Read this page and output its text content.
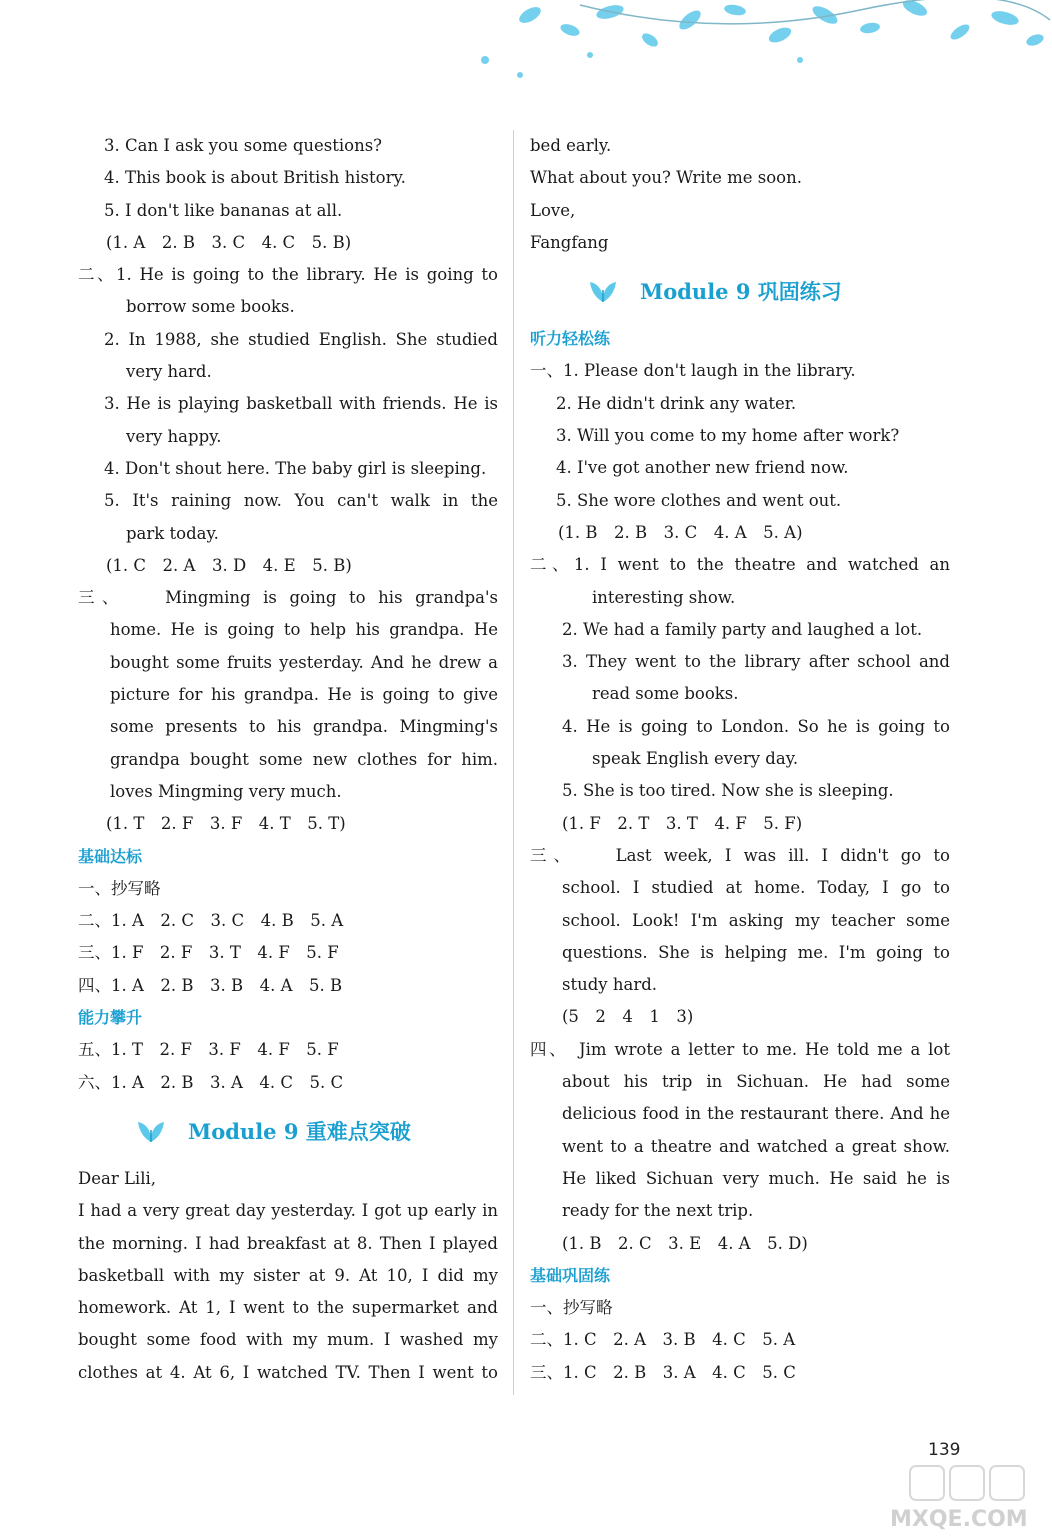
3. Can I ask you some questions?
4. This book is about British history.
5. I don't like bananas at all.
(1. A　2. B　3. C　4. C　5. B)
二、1. He is going to the library. He is going to
borrow some books.
2. In 1988, she studied English. She studied
very hard.
3. He is playing basketball with friends. He is
very happy.
4. Don't shout here. The baby girl is sleeping.
5. It's raining now. You can't walk in the
park today.
(1. C　2. A　3. D　4. E　5. B)
三、　　Mingming is going to his grandpa's
home. He is going to help his grandpa. He
bought some fruits yesterday. And he drew a
picture for his grandpa. He is going to give
some presents to his grandpa. Mingming's
grandpa bought some new clothes for him.
loves Mingming very much.
(1. T　2. F　3. F　4. T　5. T)
基础达标
一、抄写略
二、1. A　2. C　3. C　4. B　5. A
三、1. F　2. F　3. T　4. F　5. F
四、1. A　2. B　3. B　4. A　5. B
能力攀升
五、1. T　2. F　3. F　4. F　5. F
六、1. A　2. B　3. A　4. C　5. C
Module 9 重难点突破
Dear Lili,
I had a very great day yesterday. I got up early in
the morning. I had breakfast at 8. Then I played
basketball with my sister at 9. At 10, I did my
homework. At 1, I went to the supermarket and
bought some food with my mum. I washed my
clothes at 4. At 6, I watched TV. Then I went to
bed early.
What about you? Write me soon.
Love,
Fangfang
Module 9 巩固练习
听力轻松练
一、1. Please don't laugh in the library.
2. He didn't drink any water.
3. Will you come to my home after work?
4. I've got another new friend now.
5. She wore clothes and went out.
(1. B　2. B　3. C　4. A　5. A)
二、1. I went to the theatre and watched an
interesting show.
2. We had a family party and laughed a lot.
3. They went to the library after school and
read some books.
4. He is going to London. So he is going to
speak English every day.
5. She is too tired. Now she is sleeping.
(1. F　2. T　3. T　4. F　5. F)
三、　　Last week, I was ill. I didn't go to
school. I studied at home. Today, I go to
school. Look! I'm asking my teacher some
questions. She is helping me. I'm going to
study hard.
(5　2　4　1　3)
四、　Jim wrote a letter to me. He told me a lot
about his trip in Sichuan. He had some
delicious food in the restaurant there. And he
went to a theatre and watched a great show.
He liked Sichuan very much. He said he is
ready for the next trip.
(1. B　2. C　3. E　4. A　5. D)
基础巩固练
一、抄写略
二、1. C　2. A　3. B　4. C　5. A
三、1. C　2. B　3. A　4. C　5. C
139
MXQE.COM
